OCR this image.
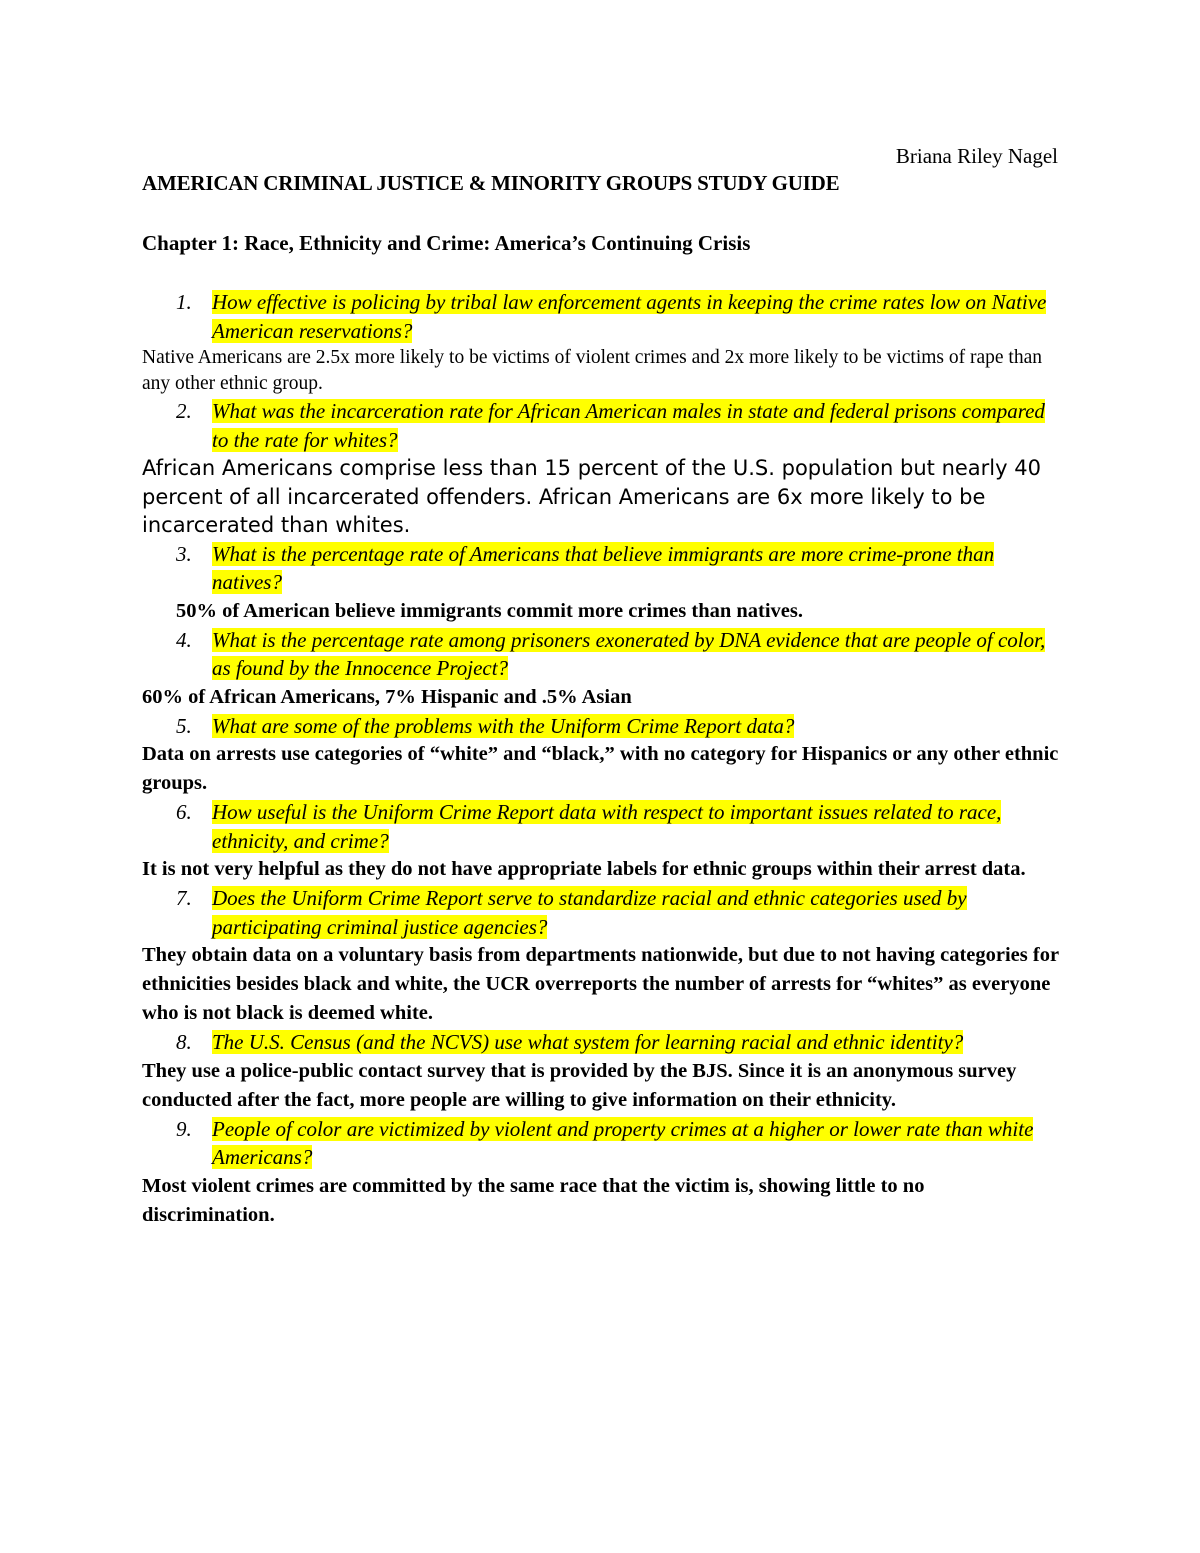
Briana Riley Nagel
AMERICAN CRIMINAL JUSTICE & MINORITY GROUPS STUDY GUIDE
Chapter 1: Race, Ethnicity and Crime: America’s Continuing Crisis
1. How effective is policing by tribal law enforcement agents in keeping the crime rates low on Native American reservations?
Native Americans are 2.5x more likely to be victims of violent crimes and 2x more likely to be victims of rape than any other ethnic group.
2. What was the incarceration rate for African American males in state and federal prisons compared to the rate for whites?
African Americans comprise less than 15 percent of the U.S. population but nearly 40 percent of all incarcerated offenders. African Americans are 6x more likely to be incarcerated than whites.
3. What is the percentage rate of Americans that believe immigrants are more crime-prone than natives?
50% of American believe immigrants commit more crimes than natives.
4. What is the percentage rate among prisoners exonerated by DNA evidence that are people of color, as found by the Innocence Project?
60% of African Americans, 7% Hispanic and .5% Asian
5. What are some of the problems with the Uniform Crime Report data?
Data on arrests use categories of “white” and “black,” with no category for Hispanics or any other ethnic groups.
6. How useful is the Uniform Crime Report data with respect to important issues related to race, ethnicity, and crime?
It is not very helpful as they do not have appropriate labels for ethnic groups within their arrest data.
7. Does the Uniform Crime Report serve to standardize racial and ethnic categories used by participating criminal justice agencies?
They obtain data on a voluntary basis from departments nationwide, but due to not having categories for ethnicities besides black and white, the UCR overreports the number of arrests for “whites” as everyone who is not black is deemed white.
8. The U.S. Census (and the NCVS) use what system for learning racial and ethnic identity?
They use a police-public contact survey that is provided by the BJS. Since it is an anonymous survey conducted after the fact, more people are willing to give information on their ethnicity.
9. People of color are victimized by violent and property crimes at a higher or lower rate than white Americans?
Most violent crimes are committed by the same race that the victim is, showing little to no discrimination.
